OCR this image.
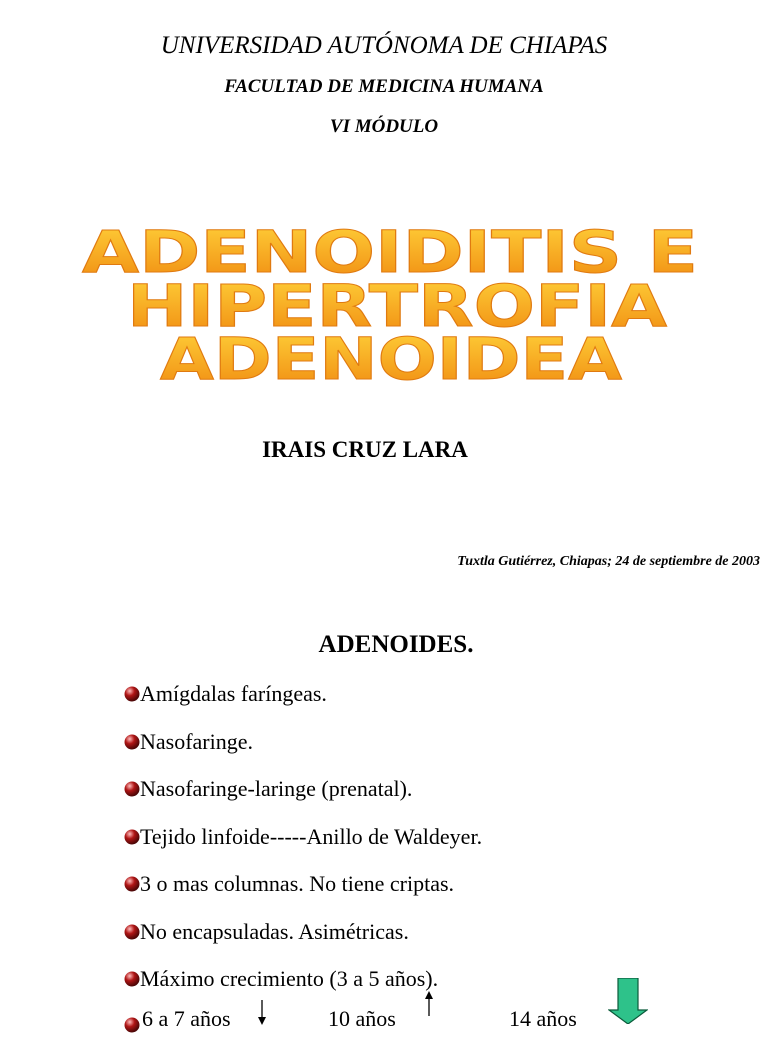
UNIVERSIDAD AUTÓNOMA DE CHIAPAS
FACULTAD DE MEDICINA HUMANA
VI MÓDULO
ADENOIDITIS E
HIPERTROFIA
ADENOIDEA
IRAIS CRUZ LARA
Tuxtla Gutiérrez, Chiapas; 24 de septiembre de 2003
ADENOIDES.
Amígdalas faríngeas.
Nasofaringe.
Nasofaringe-laringe (prenatal).
Tejido linfoide-----Anillo de Waldeyer.
3 o mas columnas. No tiene criptas.
No encapsuladas. Asimétricas.
Máximo crecimiento (3 a 5 años).
6 a 7 años	10 años	14 años
